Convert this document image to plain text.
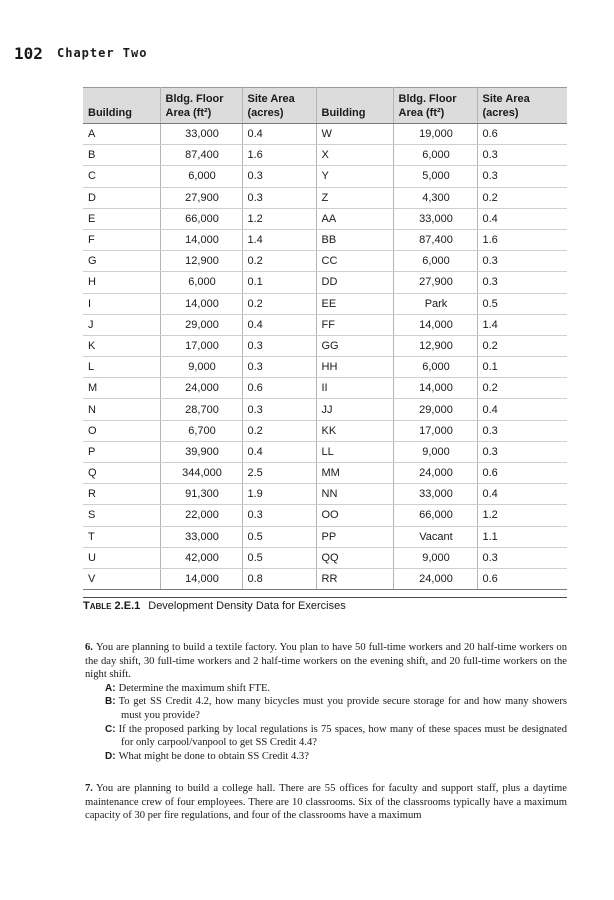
102 Chapter Two
Building	Bldg. Floor Area (ft²)	Site Area (acres)	Building	Bldg. Floor Area (ft²)	Site Area (acres)
A	33,000	0.4	W	19,000	0.6
B	87,400	1.6	X	6,000	0.3
C	6,000	0.3	Y	5,000	0.3
D	27,900	0.3	Z	4,300	0.2
E	66,000	1.2	AA	33,000	0.4
F	14,000	1.4	BB	87,400	1.6
G	12,900	0.2	CC	6,000	0.3
H	6,000	0.1	DD	27,900	0.3
I	14,000	0.2	EE	Park	0.5
J	29,000	0.4	FF	14,000	1.4
K	17,000	0.3	GG	12,900	0.2
L	9,000	0.3	HH	6,000	0.1
M	24,000	0.6	II	14,000	0.2
N	28,700	0.3	JJ	29,000	0.4
O	6,700	0.2	KK	17,000	0.3
P	39,900	0.4	LL	9,000	0.3
Q	344,000	2.5	MM	24,000	0.6
R	91,300	1.9	NN	33,000	0.4
S	22,000	0.3	OO	66,000	1.2
T	33,000	0.5	PP	Vacant	1.1
U	42,000	0.5	QQ	9,000	0.3
V	14,000	0.8	RR	24,000	0.6
Table 2.E.1 Development Density Data for Exercises
6. You are planning to build a textile factory. You plan to have 50 full-time workers and 20 half-time workers on the day shift, 30 full-time workers and 2 half-time workers on the evening shift, and 20 full-time workers on the night shift.
A: Determine the maximum shift FTE.
B: To get SS Credit 4.2, how many bicycles must you provide secure storage for and how many showers must you provide?
C: If the proposed parking by local regulations is 75 spaces, how many of these spaces must be designated for only carpool/vanpool to get SS Credit 4.4?
D: What might be done to obtain SS Credit 4.3?
7. You are planning to build a college hall. There are 55 offices for faculty and support staff, plus a daytime maintenance crew of four employees. There are 10 classrooms. Six of the classrooms typically have a maximum capacity of 30 per fire regulations, and four of the classrooms have a maximum
